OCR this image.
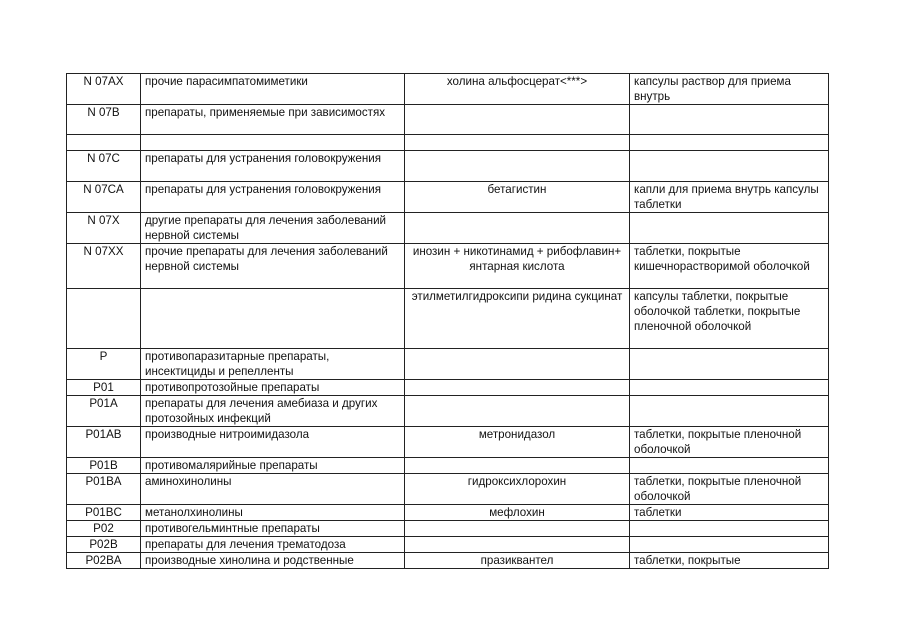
N 07AX	прочие парасимпатомиметики	холина альфосцерат<***>	капсулы раствор для приема внутрь
N 07B	препараты, применяемые при зависимостях		

N 07C	препараты для устранения головокружения		
N 07CA	препараты для устранения головокружения	бетагистин	капли для приема внутрь капсулы таблетки
N 07X	другие препараты для лечения заболеваний нервной системы		
N 07XX	прочие препараты для лечения заболеваний нервной системы	инозин + никотинамид + рибофлавин+ янтарная кислота	таблетки, покрытые кишечнорастворимой оболочкой
		этилметилгидроксипи ридина сукцинат	капсулы таблетки, покрытые оболочкой таблетки, покрытые пленочной оболочкой
P	противопаразитарные препараты, инсектициды и репелленты		
P01	противопротозойные препараты		
P01A	препараты для лечения амебиаза и других протозойных инфекций		
P01AB	производные нитроимидазола	метронидазол	таблетки, покрытые пленочной оболочкой
P01B	противомалярийные препараты		
P01BA	аминохинолины	гидроксихлорохин	таблетки, покрытые пленочной оболочкой
P01BC	метанолхинолины	мефлохин	таблетки
P02	противогельминтные препараты		
P02B	препараты для лечения трематодоза		
P02BA	производные хинолина и родственные	празиквантел	таблетки, покрытые
